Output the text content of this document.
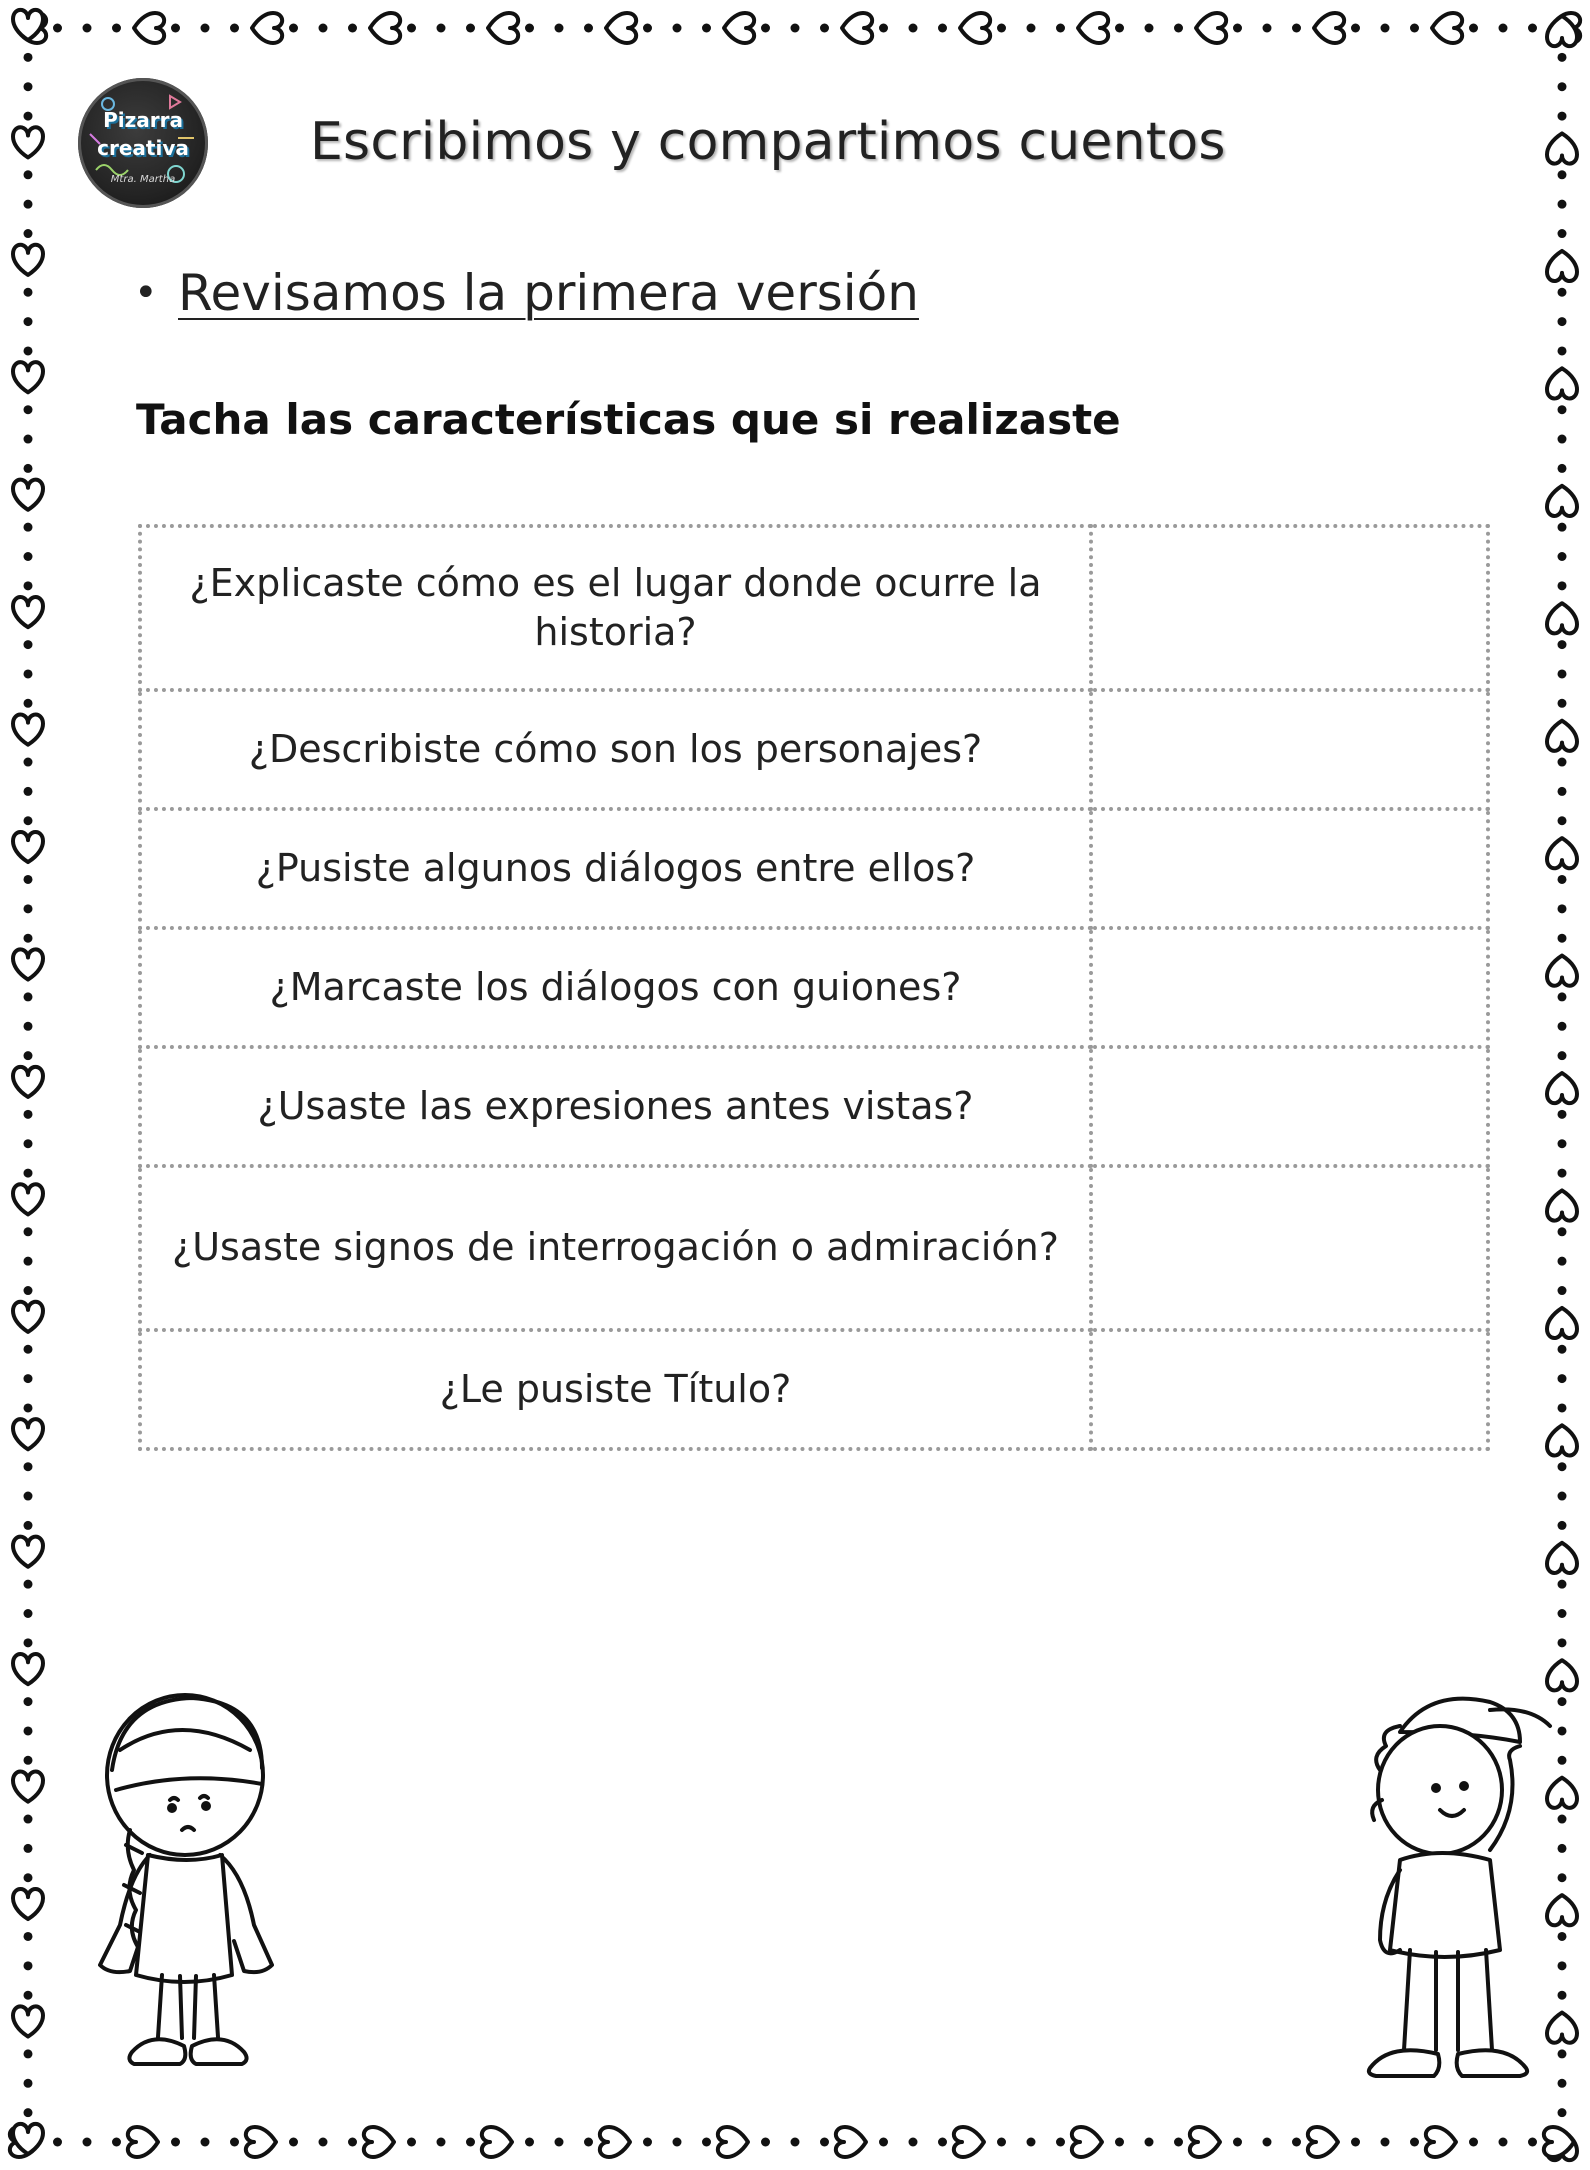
Pizarra
creativa
Mtra. Martha
Escribimos y compartimos cuentos
• Revisamos la primera versión
Tacha las características que si realizaste
¿Explicaste cómo es el lugar donde ocurre la historia?	
¿Describiste cómo son los personajes?	
¿Pusiste algunos diálogos entre ellos?	
¿Marcaste los diálogos con guiones?	
¿Usaste las expresiones antes vistas?	
¿Usaste signos de interrogación o admiración?	
¿Le pusiste Título?	
